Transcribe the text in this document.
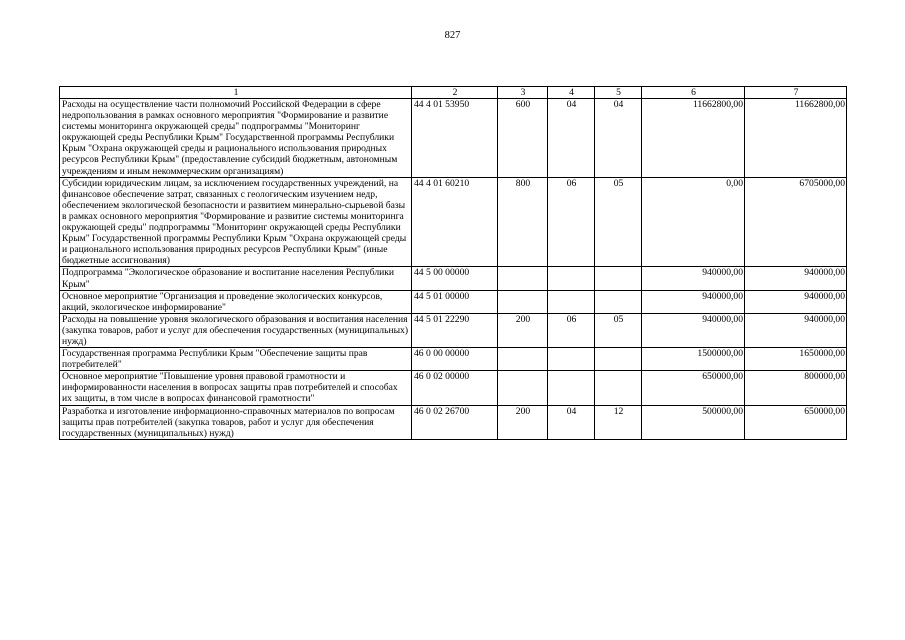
827
1	2	3	4	5	6	7

Расходы на осуществление части полномочий Российской Федерации в сфере недропользования в рамках основного мероприятия "Формирование и развитие системы мониторинга окружающей среды" подпрограммы "Мониторинг окружающей среды Республики Крым" Государственной программы Республики Крым "Охрана окружающей среды и рационального использования природных ресурсов Республики Крым" (предоставление субсидий бюджетным, автономным учреждениям и иным некоммерческим организациям)	44 4 01 53950	600	04	04	11662800,00	11662800,00

Субсидии юридическим лицам, за исключением государственных учреждений, на финансовое обеспечение затрат, связанных с геологическим изучением недр, обеспечением экологической безопасности и развитием минерально-сырьевой базы в рамках основного мероприятия "Формирование и развитие системы мониторинга окружающей среды" подпрограммы "Мониторинг окружающей среды Республики Крым" Государственной программы Республики Крым "Охрана окружающей среды и рационального использования природных ресурсов Республики Крым" (иные бюджетные ассигнования)	44 4 01 60210	800	06	05	0,00	6705000,00

Подпрограмма "Экологическое образование и воспитание населения Республики Крым"	44 5 00 00000				940000,00	940000,00

Основное мероприятие "Организация и проведение экологических конкурсов, акций, экологическое информирование"	44 5 01 00000				940000,00	940000,00

Расходы на повышение уровня экологического образования и воспитания населения (закупка товаров, работ и услуг для обеспечения государственных (муниципальных) нужд)	44 5 01 22290	200	06	05	940000,00	940000,00

Государственная программа Республики Крым "Обеспечение защиты прав потребителей"	46 0 00 00000				1500000,00	1650000,00

Основное мероприятие "Повышение уровня правовой грамотности и информированности населения в вопросах защиты прав потребителей и способах их защиты, в том числе в вопросах финансовой грамотности"	46 0 02 00000				650000,00	800000,00

Разработка и изготовление информационно-справочных материалов по вопросам защиты прав потребителей (закупка товаров, работ и услуг для обеспечения государственных (муниципальных) нужд)	46 0 02 26700	200	04	12	500000,00	650000,00
